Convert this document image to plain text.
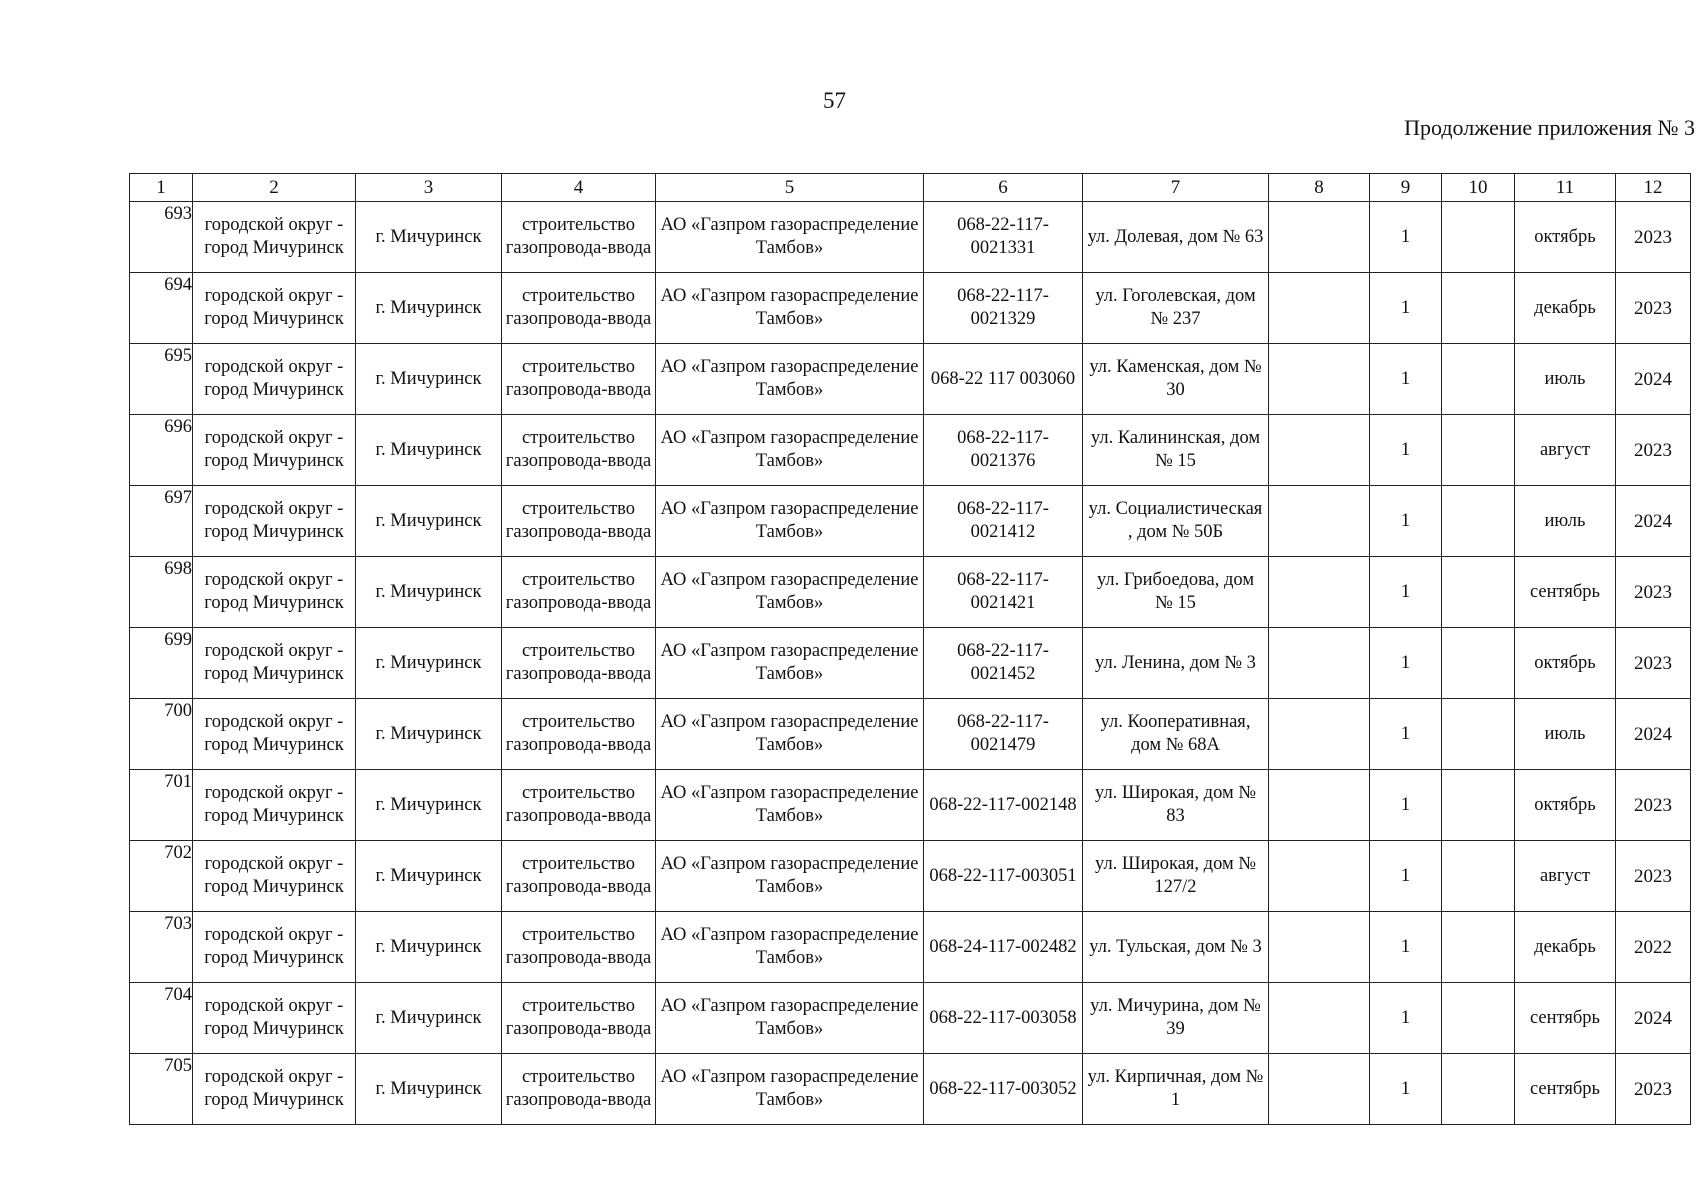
57
Продолжение приложения № 3
1	2	3	4	5	6	7	8	9	10	11	12
693	городской округ - город Мичуринск	г. Мичуринск	строительство газопровода-ввода	АО «Газпром газораспределение Тамбов»	068-22-117-0021331	ул. Долевая, дом № 63		1		октябрь	2023
694	городской округ - город Мичуринск	г. Мичуринск	строительство газопровода-ввода	АО «Газпром газораспределение Тамбов»	068-22-117-0021329	ул. Гоголевская, дом № 237		1		декабрь	2023
695	городской округ - город Мичуринск	г. Мичуринск	строительство газопровода-ввода	АО «Газпром газораспределение Тамбов»	068-22 117 003060	ул. Каменская, дом № 30		1		июль	2024
696	городской округ - город Мичуринск	г. Мичуринск	строительство газопровода-ввода	АО «Газпром газораспределение Тамбов»	068-22-117-0021376	ул. Калининская, дом № 15		1		август	2023
697	городской округ - город Мичуринск	г. Мичуринск	строительство газопровода-ввода	АО «Газпром газораспределение Тамбов»	068-22-117-0021412	ул. Социалистическая , дом № 50Б		1		июль	2024
698	городской округ - город Мичуринск	г. Мичуринск	строительство газопровода-ввода	АО «Газпром газораспределение Тамбов»	068-22-117-0021421	ул. Грибоедова, дом № 15		1		сентябрь	2023
699	городской округ - город Мичуринск	г. Мичуринск	строительство газопровода-ввода	АО «Газпром газораспределение Тамбов»	068-22-117-0021452	ул. Ленина, дом № 3		1		октябрь	2023
700	городской округ - город Мичуринск	г. Мичуринск	строительство газопровода-ввода	АО «Газпром газораспределение Тамбов»	068-22-117-0021479	ул. Кооперативная, дом № 68А		1		июль	2024
701	городской округ - город Мичуринск	г. Мичуринск	строительство газопровода-ввода	АО «Газпром газораспределение Тамбов»	068-22-117-002148	ул. Широкая, дом № 83		1		октябрь	2023
702	городской округ - город Мичуринск	г. Мичуринск	строительство газопровода-ввода	АО «Газпром газораспределение Тамбов»	068-22-117-003051	ул. Широкая, дом № 127/2		1		август	2023
703	городской округ - город Мичуринск	г. Мичуринск	строительство газопровода-ввода	АО «Газпром газораспределение Тамбов»	068-24-117-002482	ул. Тульская, дом № 3		1		декабрь	2022
704	городской округ - город Мичуринск	г. Мичуринск	строительство газопровода-ввода	АО «Газпром газораспределение Тамбов»	068-22-117-003058	ул. Мичурина, дом № 39		1		сентябрь	2024
705	городской округ - город Мичуринск	г. Мичуринск	строительство газопровода-ввода	АО «Газпром газораспределение Тамбов»	068-22-117-003052	ул. Кирпичная, дом № 1		1		сентябрь	2023
